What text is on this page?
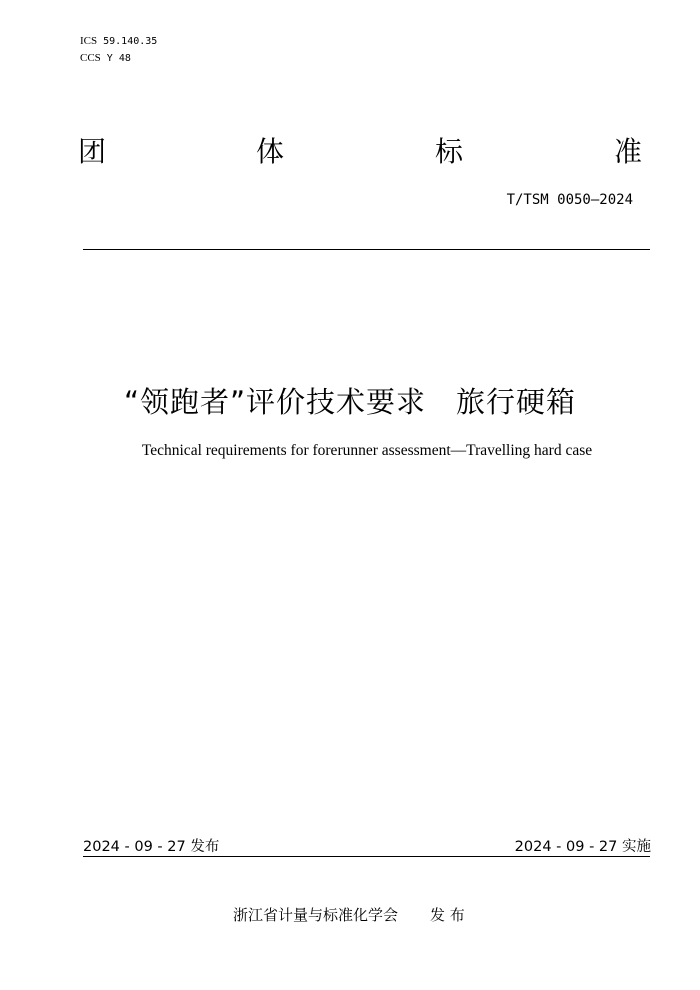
ICS 59.140.35

CCS Y 48

团	体	标	准

T/TSM 0050—2024

“领跑者”评价技术要求 旅行硬箱

Technical requirements for forerunner assessment—Travelling hard case

2024 - 09 - 27 发布	2024 - 09 - 27 实施

浙江省计量与标准化学会 发 布
